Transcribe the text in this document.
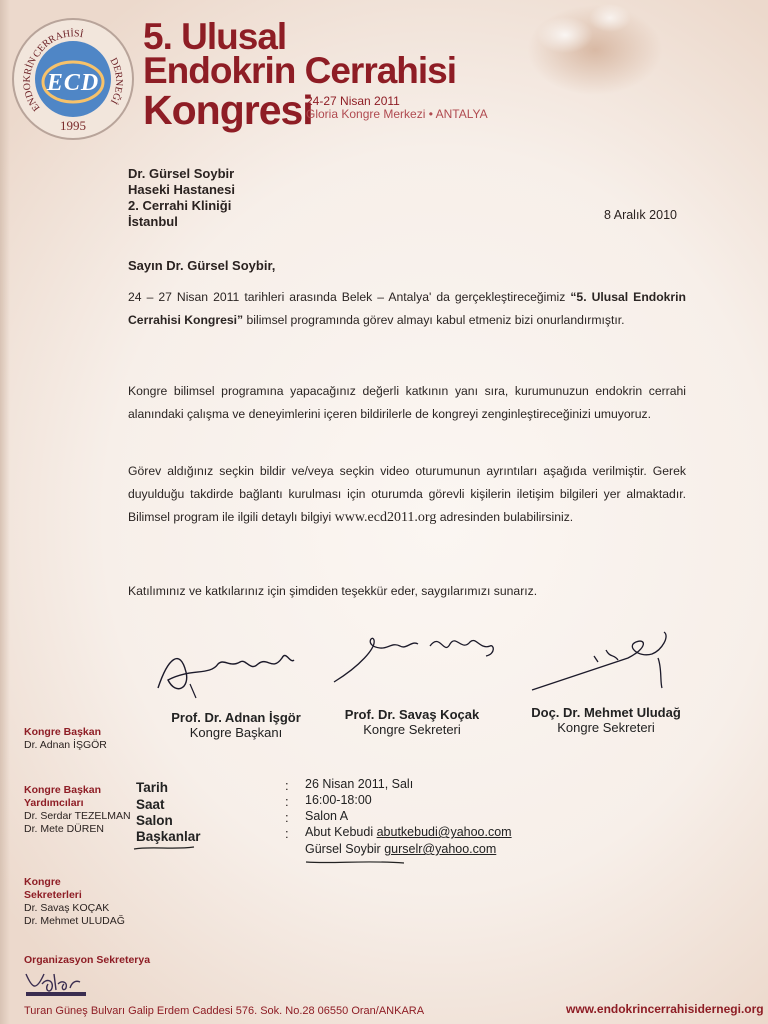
ENDOKRİN
CERRAHİSİ
DERNEĞİ
ECD
1995
5. Ulusal
Endokrin Cerrahisi
Kongresi
24-27 Nisan 2011
Gloria Kongre Merkezi • ANTALYA
Dr. Gürsel Soybir
Haseki Hastanesi
2. Cerrahi Kliniği
İstanbul	8 Aralık 2010
Sayın Dr. Gürsel Soybir,
24 – 27 Nisan 2011 tarihleri arasında Belek – Antalya' da gerçekleştireceğimiz “5. Ulusal Endokrin Cerrahisi Kongresi” bilimsel programında görev almayı kabul etmeniz bizi onurlandırmıştır.
Kongre bilimsel programına yapacağınız değerli katkının yanı sıra, kurumunuzun endokrin cerrahi alanındaki çalışma ve deneyimlerini içeren bildirilerle de kongreyi zenginleştireceğinizi umuyoruz.
Görev aldığınız seçkin bildir ve/veya seçkin video oturumunun ayrıntıları aşağıda verilmiştir. Gerek duyulduğu takdirde bağlantı kurulması için oturumda görevli kişilerin iletişim bilgileri yer almaktadır. Bilimsel program ile ilgili detaylı bilgiyi www.ecd2011.org adresinden bulabilirsiniz.
Katılımınız ve katkılarınız için şimdiden teşekkür eder, saygılarımızı sunarız.
Prof. Dr. Adnan İşgör
Kongre Başkanı
Prof. Dr. Savaş Koçak
Kongre Sekreteri
Doç. Dr. Mehmet Uludağ
Kongre Sekreteri
Kongre Başkan
Dr. Adnan İŞGÖR
Kongre Başkan
Yardımcıları
Dr. Serdar TEZELMAN
Dr. Mete DÜREN
Kongre
Sekreterleri
Dr. Savaş KOÇAK
Dr. Mehmet ULUDAĞ
Organizasyon Sekreterya
Tarih
Saat
Salon
Başkanlar
:
:
:
:
26 Nisan 2011, Salı
16:00-18:00
Salon A
Abut Kebudi abutkebudi@yahoo.com
Gürsel Soybir gurselr@yahoo.com
Turan Güneş Bulvarı Galip Erdem Caddesi 576. Sok. No.28 06550 Oran/ANKARA	www.endokrincerrahisidernegi.org
